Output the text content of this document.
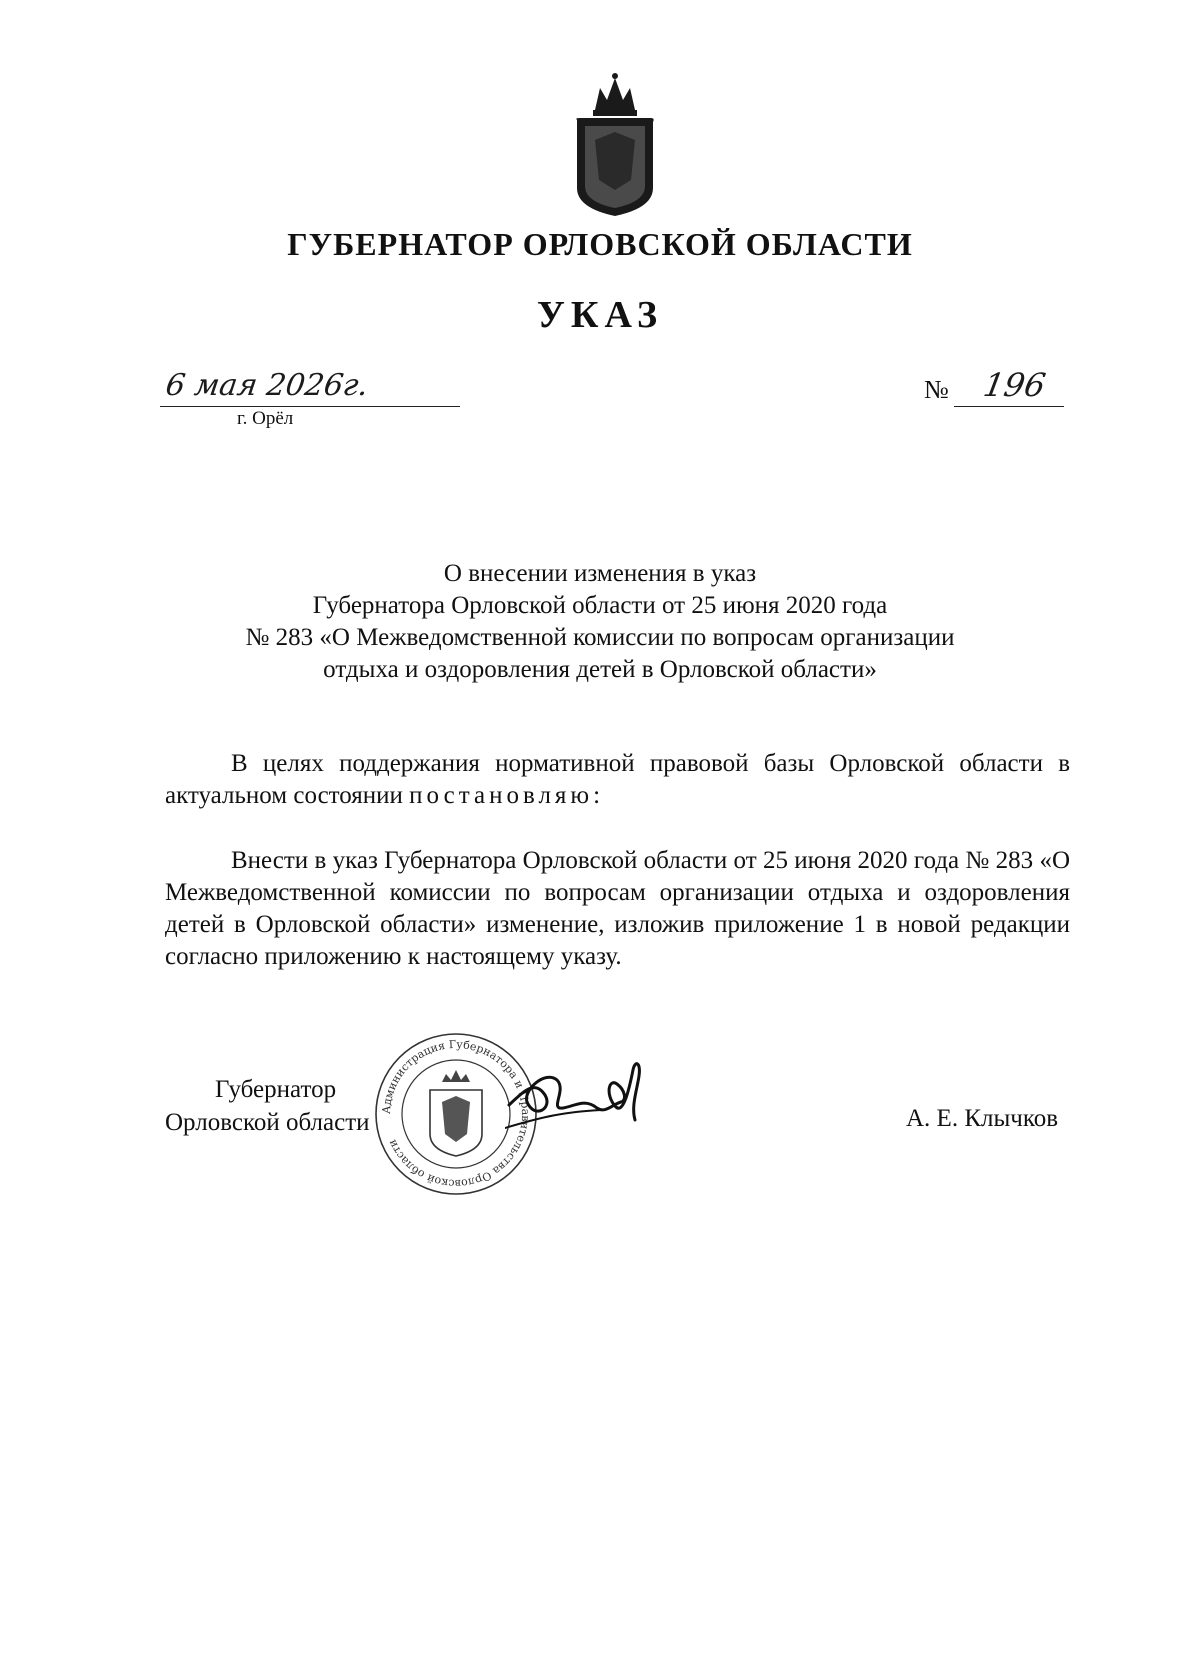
ГУБЕРНАТОР ОРЛОВСКОЙ ОБЛАСТИ
УКАЗ
6 мая 2026г.
г. Орёл
№ 196
О внесении изменения в указ
Губернатора Орловской области от 25 июня 2020 года
№ 283 «О Межведомственной комиссии по вопросам организации
отдыха и оздоровления детей в Орловской области»

В целях поддержания нормативной правовой базы Орловской области в актуальном состоянии постановляю:

Внести в указ Губернатора Орловской области от 25 июня 2020 года № 283 «О Межведомственной комиссии по вопросам организации отдыха и оздоровления детей в Орловской области» изменение, изложив приложение 1 в новой редакции согласно приложению к настоящему указу.

Губернатор
Орловской области Администрация Губернатора и Правительства Орловской области
А. Е. Клычков
